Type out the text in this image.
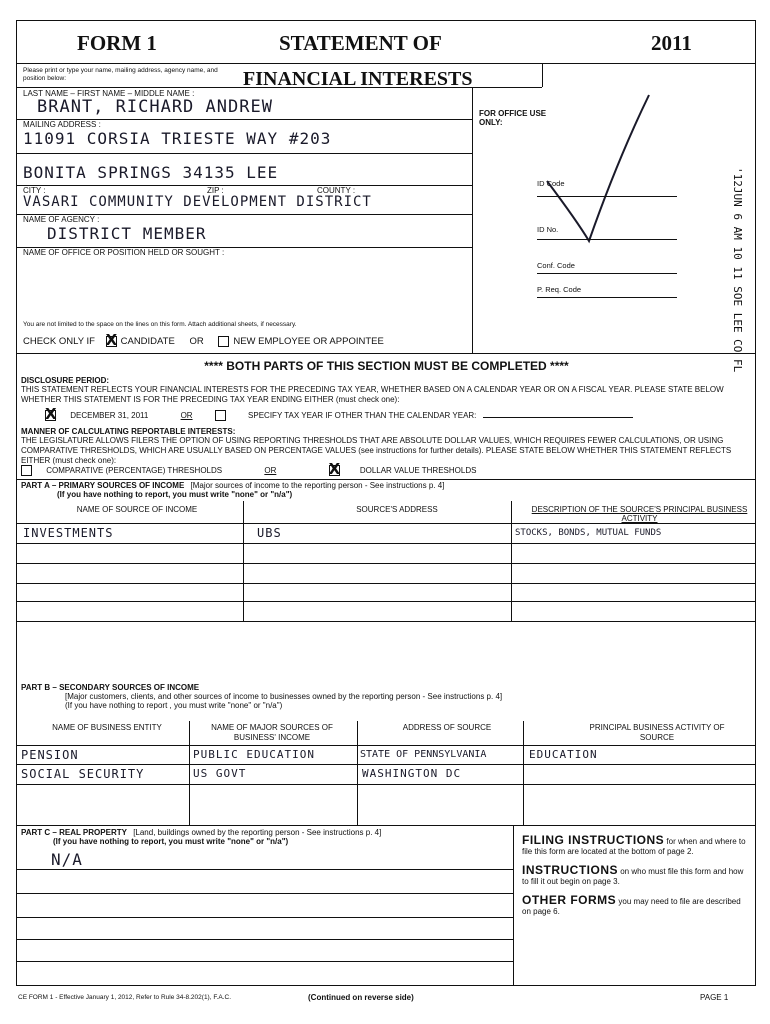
FORM 1	STATEMENT OF	2011
Please print or type your name, mailing address, agency name, and position below:	FINANCIAL INTERESTS
LAST NAME – FIRST NAME – MIDDLE NAME :
BRANT, RICHARD ANDREW
MAILING ADDRESS :
11091 CORSIA TRIESTE WAY #203
BONITA SPRINGS 34135 LEE
CITY :	ZIP :	COUNTY :
VASARI COMMUNITY DEVELOPMENT DISTRICT
NAME OF AGENCY :
DISTRICT MEMBER
NAME OF OFFICE OR POSITION HELD OR SOUGHT :
You are not limited to the space on the lines on this form. Attach additional sheets, if necessary.
CHECK ONLY IF X	CANDIDATE OR	NEW EMPLOYEE OR APPOINTEE
FOR OFFICE USE ONLY:
ID Code
ID No.
Conf. Code
P. Req. Code	'12JUN 6 AM 10 11 SOE LEE CO FL
**** BOTH PARTS OF THIS SECTION MUST BE COMPLETED ****
DISCLOSURE PERIOD:
THIS STATEMENT REFLECTS YOUR FINANCIAL INTERESTS FOR THE PRECEDING TAX YEAR, WHETHER BASED ON A CALENDAR YEAR OR ON A FISCAL YEAR. PLEASE STATE BELOW WHETHER THIS STATEMENT IS FOR THE PRECEDING TAX YEAR ENDING EITHER (must check one):
X DECEMBER 31, 2011	OR	SPECIFY TAX YEAR IF OTHER THAN THE CALENDAR YEAR:
MANNER OF CALCULATING REPORTABLE INTERESTS:
THE LEGISLATURE ALLOWS FILERS THE OPTION OF USING REPORTING THRESHOLDS THAT ARE ABSOLUTE DOLLAR VALUES, WHICH REQUIRES FEWER CALCULATIONS, OR USING COMPARATIVE THRESHOLDS, WHICH ARE USUALLY BASED ON PERCENTAGE VALUES (see instructions for further details). PLEASE STATE BELOW WHETHER THIS STATEMENT REFLECTS EITHER (must check one):
COMPARATIVE (PERCENTAGE) THRESHOLDS	OR X	DOLLAR VALUE THRESHOLDS
PART A – PRIMARY SOURCES OF INCOME [Major sources of income to the reporting person - See instructions p. 4]
(If you have nothing to report, you must write "none" or "n/a")
NAME OF SOURCE OF INCOME	SOURCE'S ADDRESS	DESCRIPTION OF THE SOURCE'S PRINCIPAL BUSINESS ACTIVITY
INVESTMENTS	UBS	STOCKS, BONDS, MUTUAL FUNDS
PART B – SECONDARY SOURCES OF INCOME
[Major customers, clients, and other sources of income to businesses owned by the reporting person - See instructions p. 4]
(If you have nothing to report , you must write "none" or "n/a")
NAME OF BUSINESS ENTITY	NAME OF MAJOR SOURCES OF BUSINESS' INCOME
ADDRESS OF SOURCE	PRINCIPAL BUSINESS ACTIVITY OF SOURCE
PENSION	PUBLIC EDUCATION	STATE OF PENNSYLVANIA	EDUCATION
SOCIAL SECURITY	US GOVT	WASHINGTON DC
PART C – REAL PROPERTY [Land, buildings owned by the reporting person - See instructions p. 4]
(If you have nothing to report, you must write "none" or "n/a")
N/A
FILING INSTRUCTIONS for when and where to file this form are located at the bottom of page 2.
INSTRUCTIONS on who must file this form and how to fill it out begin on page 3.
OTHER FORMS you may need to file are described on page 6.
CE FORM 1 - Effective January 1, 2012, Refer to Rule 34-8.202(1), F.A.C.	(Continued on reverse side)	PAGE 1
